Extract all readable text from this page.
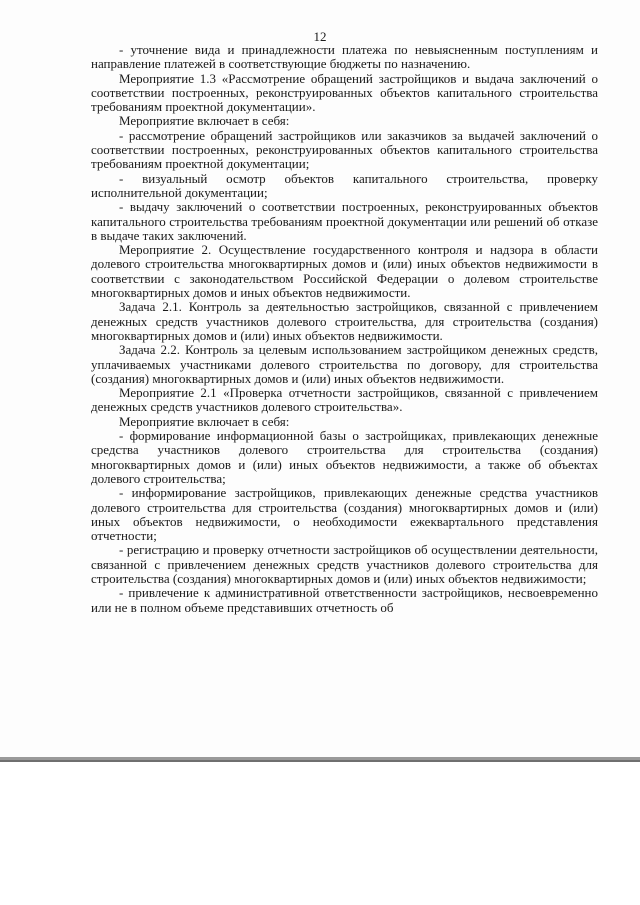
12

- уточнение вида и принадлежности платежа по невыясненным поступлениям и направление платежей в соответствующие бюджеты по назначению.

Мероприятие 1.3 «Рассмотрение обращений застройщиков и выдача заключений о соответствии построенных, реконструированных объектов капитального строительства требованиям проектной документации».

Мероприятие включает в себя:

- рассмотрение обращений застройщиков или заказчиков за выдачей заключений о соответствии построенных, реконструированных объектов капитального строительства требованиям проектной документации;

- визуальный осмотр объектов капитального строительства, проверку исполнительной документации;

- выдачу заключений о соответствии построенных, реконструированных объектов капитального строительства требованиям проектной документации или решений об отказе в выдаче таких заключений.

Мероприятие 2. Осуществление государственного контроля и надзора в области долевого строительства многоквартирных домов и (или) иных объектов недвижимости в соответствии с законодательством Российской Федерации о долевом строительстве многоквартирных домов и иных объектов недвижимости.

Задача 2.1. Контроль за деятельностью застройщиков, связанной с привлечением денежных средств участников долевого строительства, для строительства (создания) многоквартирных домов и (или) иных объектов недвижимости.

Задача 2.2. Контроль за целевым использованием застройщиком денежных средств, уплачиваемых участниками долевого строительства по договору, для строительства (создания) многоквартирных домов и (или) иных объектов недвижимости.

Мероприятие 2.1 «Проверка отчетности застройщиков, связанной с привлечением денежных средств участников долевого строительства».

Мероприятие включает в себя:

- формирование информационной базы о застройщиках, привлекающих денежные средства участников долевого строительства для строительства (создания) многоквартирных домов и (или) иных объектов недвижимости, а также об объектах долевого строительства;

- информирование застройщиков, привлекающих денежные средства участников долевого строительства для строительства (создания) многоквартирных домов и (или) иных объектов недвижимости, о необходимости ежеквартального представления отчетности;

- регистрацию и проверку отчетности застройщиков об осуществлении деятельности, связанной с привлечением денежных средств участников долевого строительства для строительства (создания) многоквартирных домов и (или) иных объектов недвижимости;

- привлечение к административной ответственности застройщиков, несвоевременно или не в полном объеме представивших отчетность об
